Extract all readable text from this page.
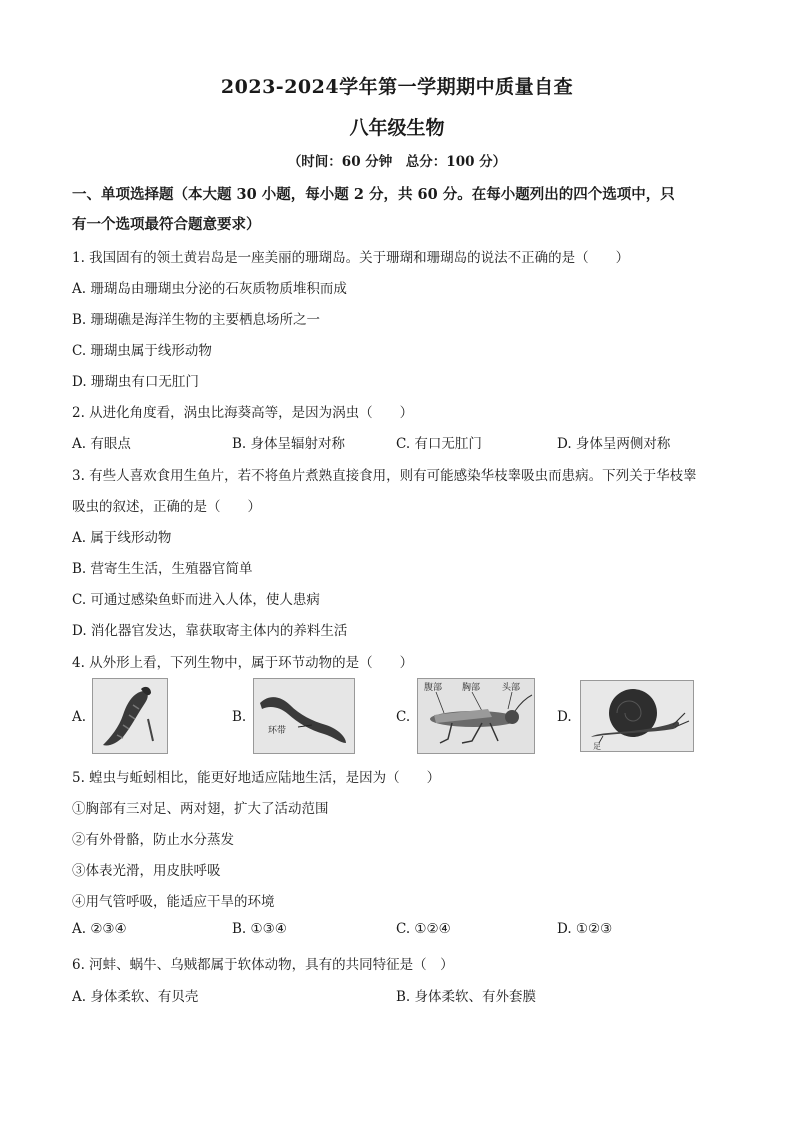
2023-2024学年第一学期期中质量自查
八年级生物
（时间：60 分钟　总分：100 分）
一、单项选择题（本大题 30 小题，每小题 2 分，共 60 分。在每小题列出的四个选项中，只
有一个选项最符合题意要求）
1. 我国固有的领土黄岩岛是一座美丽的珊瑚岛。关于珊瑚和珊瑚岛的说法不正确的是（　　）
A. 珊瑚岛由珊瑚虫分泌的石灰质物质堆积而成
B. 珊瑚礁是海洋生物的主要栖息场所之一
C. 珊瑚虫属于线形动物
D. 珊瑚虫有口无肛门
2. 从进化角度看，涡虫比海葵高等，是因为涡虫（　　）
A. 有眼点	B. 身体呈辐射对称	C. 有口无肛门	D. 身体呈两侧对称
3. 有些人喜欢食用生鱼片，若不将鱼片煮熟直接食用，则有可能感染华枝睾吸虫而患病。下列关于华枝睾
吸虫的叙述，正确的是（　　）
A. 属于线形动物
B. 营寄生生活，生殖器官简单
C. 可通过感染鱼虾而进入人体，使人患病
D. 消化器官发达，靠获取寄主体内的养料生活
4. 从外形上看，下列生物中，属于环节动物的是（　　）
A.	B.
环带
C.
腹部 胸部 头部
D.
足
5. 蝗虫与蚯蚓相比，能更好地适应陆地生活，是因为（　　）
①胸部有三对足、两对翅，扩大了活动范围
②有外骨骼，防止水分蒸发
③体表光滑，用皮肤呼吸
④用气管呼吸，能适应干旱的环境
A. ②③④	B. ①③④	C. ①②④	D. ①②③
6. 河蚌、蜗牛、乌贼都属于软体动物，具有的共同特征是（　）
A. 身体柔软、有贝壳	B. 身体柔软、有外套膜
